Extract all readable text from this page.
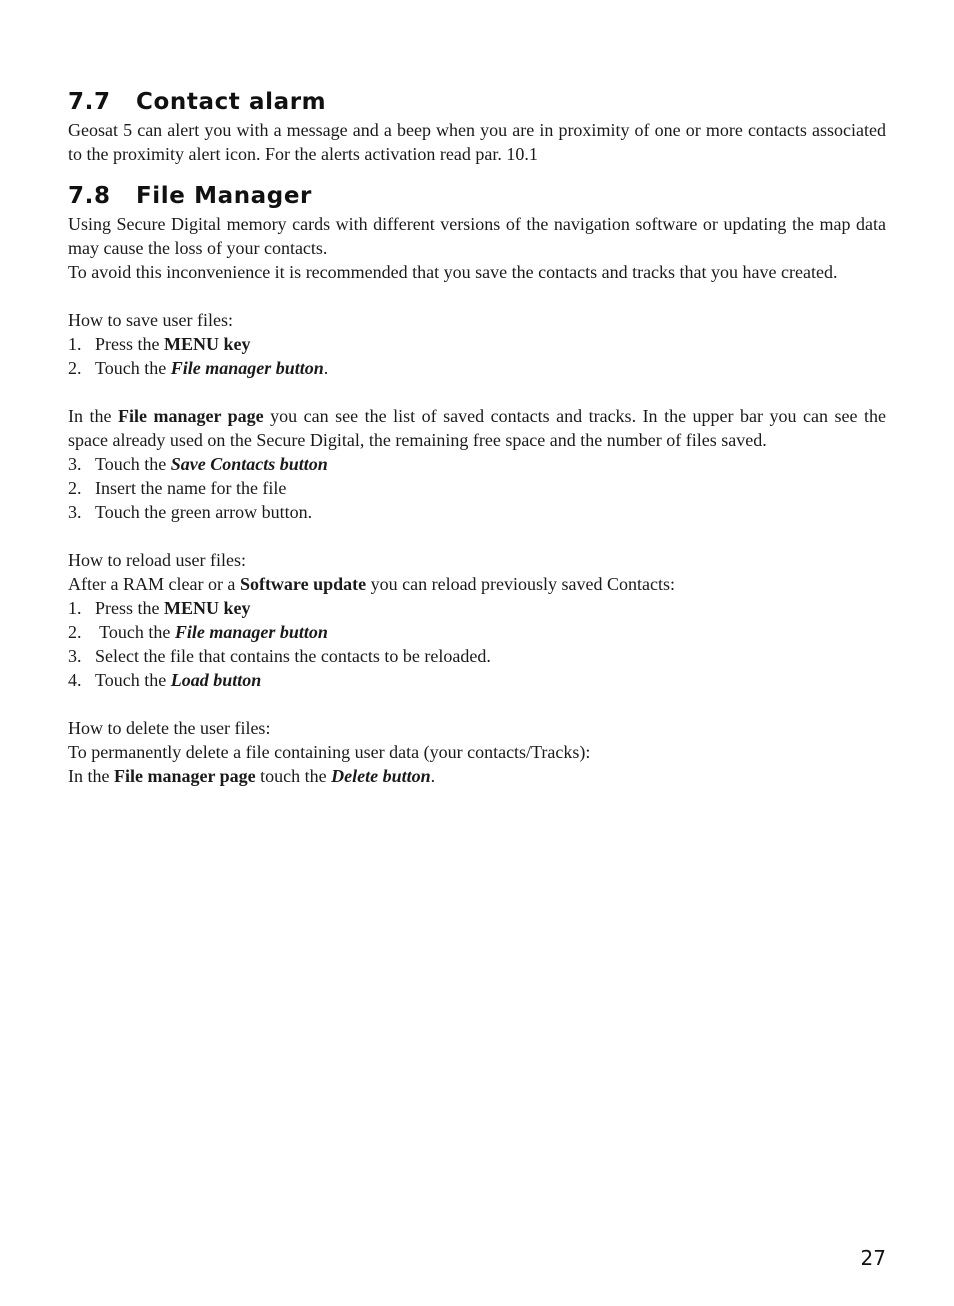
7.7 Contact alarm

Geosat 5 can alert you with a message and a beep when you are in proximity of one or more contacts associated to the proximity alert icon. For the alerts activation read par. 10.1

7.8 File Manager

Using Secure Digital memory cards with different versions of the navigation software or updating the map data may cause the loss of your contacts.

To avoid this inconvenience it is recommended that you save the contacts and tracks that you have created.

How to save user files:

1. Press the MENU key
2. Touch the File manager button.

In the File manager page you can see the list of saved contacts and tracks. In the upper bar you can see the space already used on the Secure Digital, the remaining free space and the number of files saved.

3. Touch the Save Contacts button
2. Insert the name for the file
3. Touch the green arrow button.

How to reload user files:

After a RAM clear or a Software update you can reload previously saved Contacts:

1. Press the MENU key
2. Touch the File manager button
3. Select the file that contains the contacts to be reloaded.
4. Touch the Load button

How to delete the user files:

To permanently delete a file containing user data (your contacts/Tracks):

In the File manager page touch the Delete button.

27
